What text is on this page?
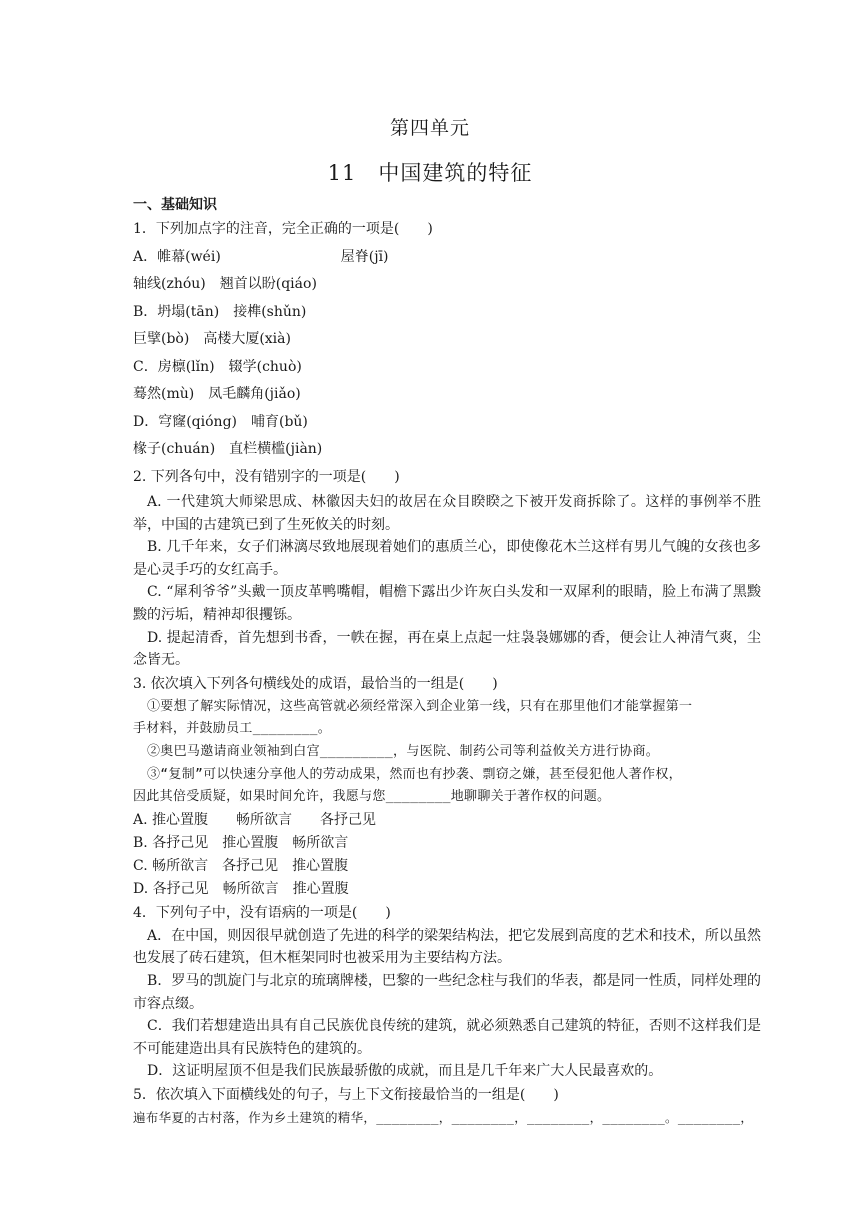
第四单元
11　中国建筑的特征
一、基础知识
1．下列加点字的注音，完全正确的一项是(　　)
A．帷幕(wéi)	屋脊(jī)
轴线(zhóu)　翘首以盼(qiáo)
B．坍塌(tān)　接榫(shǔn)
巨擘(bò)　高楼大厦(xià)
C．房檩(lǐn)　辍学(chuò)
蓦然(mù)　凤毛麟角(jiǎo)
D．穹窿(qióng)　哺育(bǔ)
椽子(chuán)　直栏横槛(jiàn)
2. 下列各句中，没有错别字的一项是(　　)
A. 一代建筑大师梁思成、林徽因夫妇的故居在众目睽睽之下被开发商拆除了。这样的事例举不胜举，中国的古建筑已到了生死攸关的时刻。
B. 几千年来，女子们淋漓尽致地展现着她们的惠质兰心，即使像花木兰这样有男儿气魄的女孩也多是心灵手巧的女红高手。
C. “犀利爷爷”头戴一顶皮革鸭嘴帽，帽檐下露出少许灰白头发和一双犀利的眼睛，脸上布满了黑黢黢的污垢，精神却很攫铄。
D. 提起清香，首先想到书香，一帙在握，再在桌上点起一炷袅袅娜娜的香，便会让人神清气爽，尘念皆无。
3. 依次填入下列各句横线处的成语，最恰当的一组是(　　)
①要想了解实际情况，这些高管就必须经常深入到企业第一线，只有在那里他们才能掌握第一
手材料，并鼓励员工________。
②奥巴马邀请商业领袖到白宫_________，与医院、制药公司等利益攸关方进行协商。
③“复制”可以快速分享他人的劳动成果，然而也有抄袭、剽窃之嫌，甚至侵犯他人著作权，
因此其倍受质疑，如果时间允许，我愿与您________地聊聊关于著作权的问题。
A. 推心置腹　　畅所欲言　　各抒己见
B. 各抒己见　推心置腹　畅所欲言
C. 畅所欲言　各抒己见　推心置腹
D. 各抒己见　畅所欲言　推心置腹
4．下列句子中，没有语病的一项是(　　)
A．在中国，则因很早就创造了先进的科学的梁架结构法，把它发展到高度的艺术和技术，所以虽然也发展了砖石建筑，但木框架同时也被采用为主要结构方法。
B．罗马的凯旋门与北京的琉璃牌楼，巴黎的一些纪念柱与我们的华表，都是同一性质，同样处理的市容点缀。
C．我们若想建造出具有自己民族优良传统的建筑，就必须熟悉自己建筑的特征，否则不这样我们是不可能建造出具有民族特色的建筑的。
D．这证明屋顶不但是我们民族最骄傲的成就，而且是几千年来广大人民最喜欢的。
5．依次填入下面横线处的句子，与上下文衔接最恰当的一组是(　　)
遍布华夏的古村落，作为乡土建筑的精华，________，________，________，________。________，
